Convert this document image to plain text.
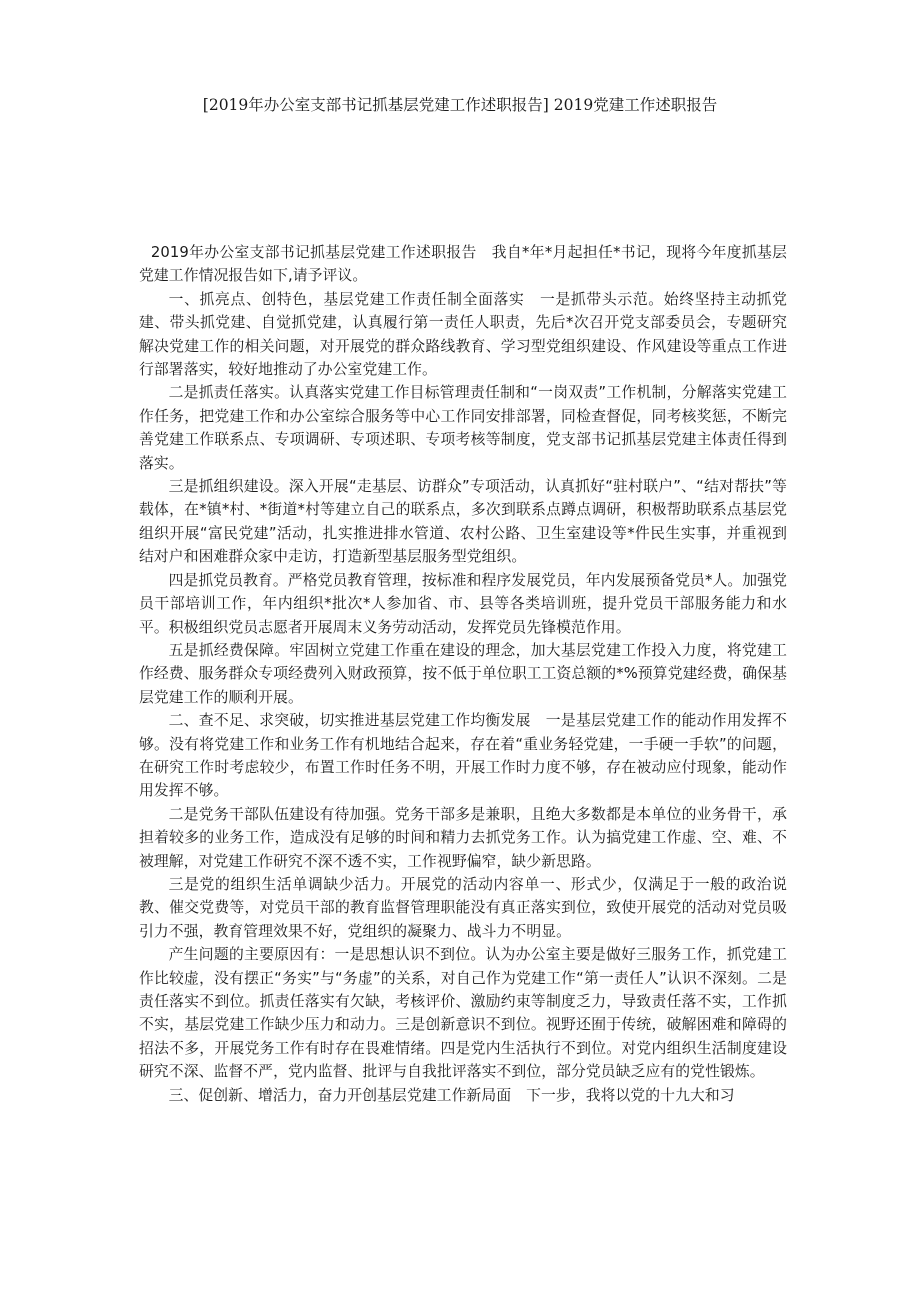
[2019年办公室支部书记抓基层党建工作述职报告] 2019党建工作述职报告

2019年办公室支部书记抓基层党建工作述职报告　我自*年*月起担任*书记，现将今年度抓基层党建工作情况报告如下,请予评议。

一、抓亮点、创特色，基层党建工作责任制全面落实　一是抓带头示范。始终坚持主动抓党建、带头抓党建、自觉抓党建，认真履行第一责任人职责，先后*次召开党支部委员会，专题研究解决党建工作的相关问题，对开展党的群众路线教育、学习型党组织建设、作风建设等重点工作进行部署落实，较好地推动了办公室党建工作。

二是抓责任落实。认真落实党建工作目标管理责任制和“一岗双责”工作机制，分解落实党建工作任务，把党建工作和办公室综合服务等中心工作同安排部署，同检查督促，同考核奖惩，不断完善党建工作联系点、专项调研、专项述职、专项考核等制度，党支部书记抓基层党建主体责任得到落实。

三是抓组织建设。深入开展“走基层、访群众”专项活动，认真抓好“驻村联户”、“结对帮扶”等载体，在*镇*村、*街道*村等建立自己的联系点，多次到联系点蹲点调研，积极帮助联系点基层党组织开展“富民党建”活动，扎实推进排水管道、农村公路、卫生室建设等*件民生实事，并重视到结对户和困难群众家中走访，打造新型基层服务型党组织。

四是抓党员教育。严格党员教育管理，按标准和程序发展党员，年内发展预备党员*人。加强党员干部培训工作，年内组织*批次*人参加省、市、县等各类培训班，提升党员干部服务能力和水平。积极组织党员志愿者开展周末义务劳动活动，发挥党员先锋模范作用。

五是抓经费保障。牢固树立党建工作重在建设的理念，加大基层党建工作投入力度，将党建工作经费、服务群众专项经费列入财政预算，按不低于单位职工工资总额的*%预算党建经费，确保基层党建工作的顺利开展。

二、查不足、求突破，切实推进基层党建工作均衡发展　一是基层党建工作的能动作用发挥不够。没有将党建工作和业务工作有机地结合起来，存在着“重业务轻党建，一手硬一手软”的问题，在研究工作时考虑较少，布置工作时任务不明，开展工作时力度不够，存在被动应付现象，能动作用发挥不够。

二是党务干部队伍建设有待加强。党务干部多是兼职，且绝大多数都是本单位的业务骨干，承担着较多的业务工作，造成没有足够的时间和精力去抓党务工作。认为搞党建工作虚、空、难、不被理解，对党建工作研究不深不透不实，工作视野偏窄，缺少新思路。

三是党的组织生活单调缺少活力。开展党的活动内容单一、形式少，仅满足于一般的政治说教、催交党费等，对党员干部的教育监督管理职能没有真正落实到位，致使开展党的活动对党员吸引力不强，教育管理效果不好，党组织的凝聚力、战斗力不明显。

产生问题的主要原因有：一是思想认识不到位。认为办公室主要是做好三服务工作，抓党建工作比较虚，没有摆正“务实”与“务虚”的关系，对自己作为党建工作“第一责任人”认识不深刻。二是责任落实不到位。抓责任落实有欠缺，考核评价、激励约束等制度乏力，导致责任落不实，工作抓不实，基层党建工作缺少压力和动力。三是创新意识不到位。视野还囿于传统，破解困难和障碍的招法不多，开展党务工作有时存在畏难情绪。四是党内生活执行不到位。对党内组织生活制度建设研究不深、监督不严，党内监督、批评与自我批评落实不到位，部分党员缺乏应有的党性锻炼。

三、促创新、增活力，奋力开创基层党建工作新局面　下一步，我将以党的十九大和习
